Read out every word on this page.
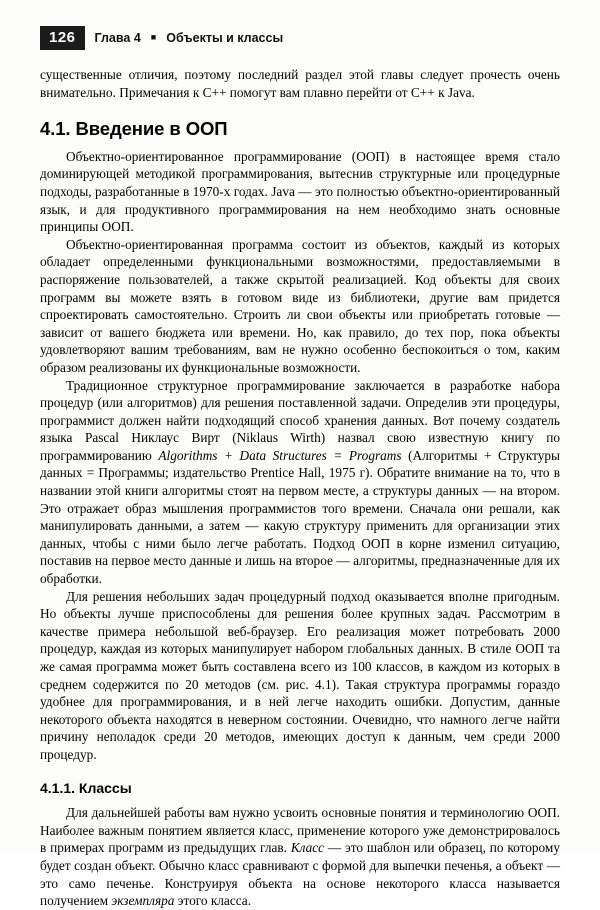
126	Глава 4 ■ Объекты и классы

существенные отличия, поэтому последний раздел этой главы следует прочесть очень внимательно. Примечания к C++ помогут вам плавно перейти от C++ к Java.

4.1. Введение в ООП

Объектно-ориентированное программирование (ООП) в настоящее время стало доминирующей методикой программирования, вытеснив структурные или процедурные подходы, разработанные в 1970-х годах. Java — это полностью объектно-ориентированный язык, и для продуктивного программирования на нем необходимо знать основные принципы ООП.

Объектно-ориентированная программа состоит из объектов, каждый из которых обладает определенными функциональными возможностями, предоставляемыми в распоряжение пользователей, а также скрытой реализацией. Код объекты для своих программ вы можете взять в готовом виде из библиотеки, другие вам придется спроектировать самостоятельно. Строить ли свои объекты или приобретать готовые — зависит от вашего бюджета или времени. Но, как правило, до тех пор, пока объекты удовлетворяют вашим требованиям, вам не нужно особенно беспокоиться о том, каким образом реализованы их функциональные возможности.

Традиционное структурное программирование заключается в разработке набора процедур (или алгоритмов) для решения поставленной задачи. Определив эти процедуры, программист должен найти подходящий способ хранения данных. Вот почему создатель языка Pascal Никлаус Вирт (Niklaus Wirth) назвал свою известную книгу по программированию Algorithms + Data Structures = Programs (Алгоритмы + Структуры данных = Программы; издательство Prentice Hall, 1975 г). Обратите внимание на то, что в названии этой книги алгоритмы стоят на первом месте, а структуры данных — на втором. Это отражает образ мышления программистов того времени. Сначала они решали, как манипулировать данными, а затем — какую структуру применить для организации этих данных, чтобы с ними было легче работать. Подход ООП в корне изменил ситуацию, поставив на первое место данные и лишь на второе — алгоритмы, предназначенные для их обработки.

Для решения небольших задач процедурный подход оказывается вполне пригодным. Но объекты лучше приспособлены для решения более крупных задач. Рассмотрим в качестве примера небольшой веб-браузер. Его реализация может потребовать 2000 процедур, каждая из которых манипулирует набором глобальных данных. В стиле ООП та же самая программа может быть составлена всего из 100 классов, в каждом из которых в среднем содержится по 20 методов (см. рис. 4.1). Такая структура программы гораздо удобнее для программирования, и в ней легче находить ошибки. Допустим, данные некоторого объекта находятся в неверном состоянии. Очевидно, что намного легче найти причину неполадок среди 20 методов, имеющих доступ к данным, чем среди 2000 процедур.

4.1.1. Классы

Для дальнейшей работы вам нужно усвоить основные понятия и терминологию ООП. Наиболее важным понятием является класс, применение которого уже демонстрировалось в примерах программ из предыдущих глав. Класс — это шаблон или образец, по которому будет создан объект. Обычно класс сравнивают с формой для выпечки печенья, а объект — это само печенье. Конструируя объекта на основе некоторого класса называется получением экземпляра этого класса.
